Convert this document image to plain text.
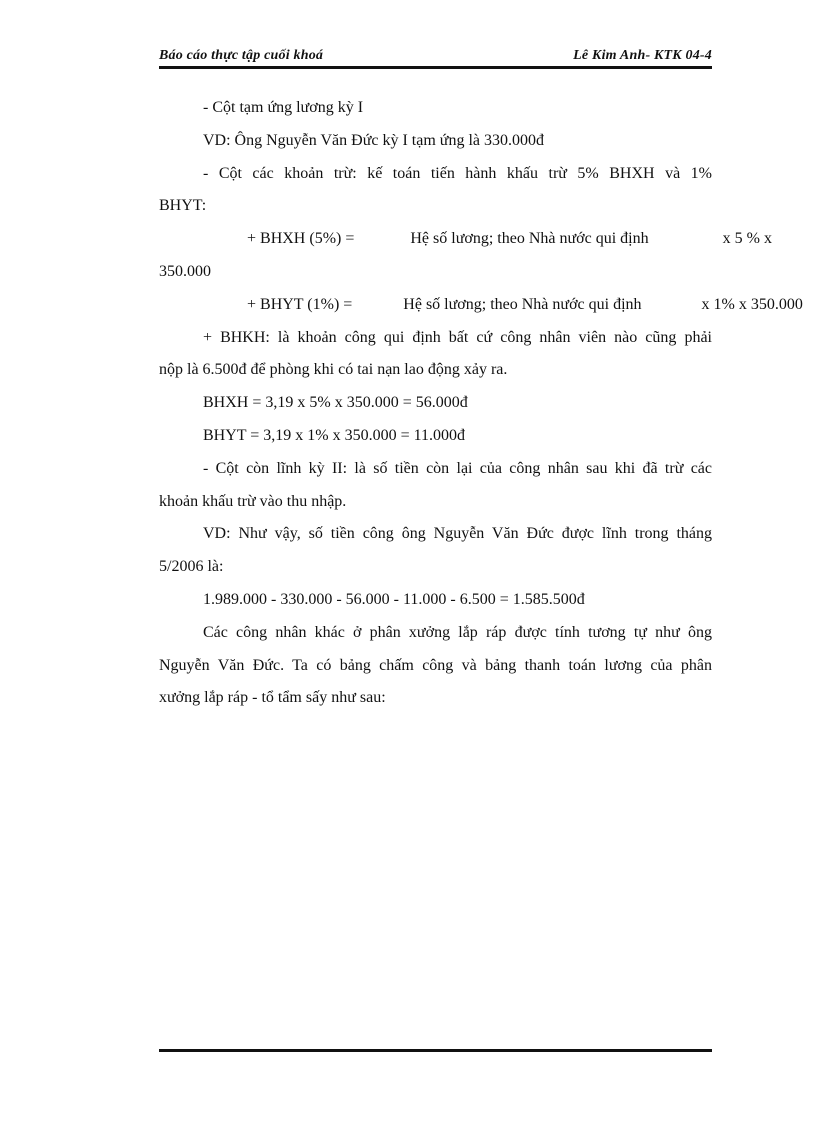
Báo cáo thực tập cuối khoá	Lê Kim Anh- KTK 04-4

- Cột tạm ứng lương kỳ I

VD: Ông Nguyễn Văn Đức kỳ I tạm ứng là 330.000đ

- Cột các khoản trừ: kế toán tiến hành khấu trừ 5% BHXH và 1%

BHYT:

+ BHXH (5%) =	Hệ số lương; theo Nhà nước qui định	x 5 % x

350.000

+ BHYT (1%) =	Hệ số lương; theo Nhà nước qui định	x 1% x 350.000

+ BHKH: là khoản công qui định bất cứ công nhân viên nào cũng phải

nộp là 6.500đ để phòng khi có tai nạn lao động xảy ra.

BHXH = 3,19 x 5% x 350.000 = 56.000đ

BHYT = 3,19 x 1% x 350.000 = 11.000đ

- Cột còn lĩnh kỳ II: là số tiền còn lại của công nhân sau khi đã trừ các

khoản khấu trừ vào thu nhập.

VD: Như vậy, số tiền công ông Nguyễn Văn Đức được lĩnh trong tháng

5/2006 là:

1.989.000 - 330.000 - 56.000 - 11.000 - 6.500 = 1.585.500đ

Các công nhân khác ở phân xưởng lắp ráp được tính tương tự như ông

Nguyễn Văn Đức. Ta có bảng chấm công và bảng thanh toán lương của phân

xưởng lắp ráp - tổ tẩm sấy như sau:
